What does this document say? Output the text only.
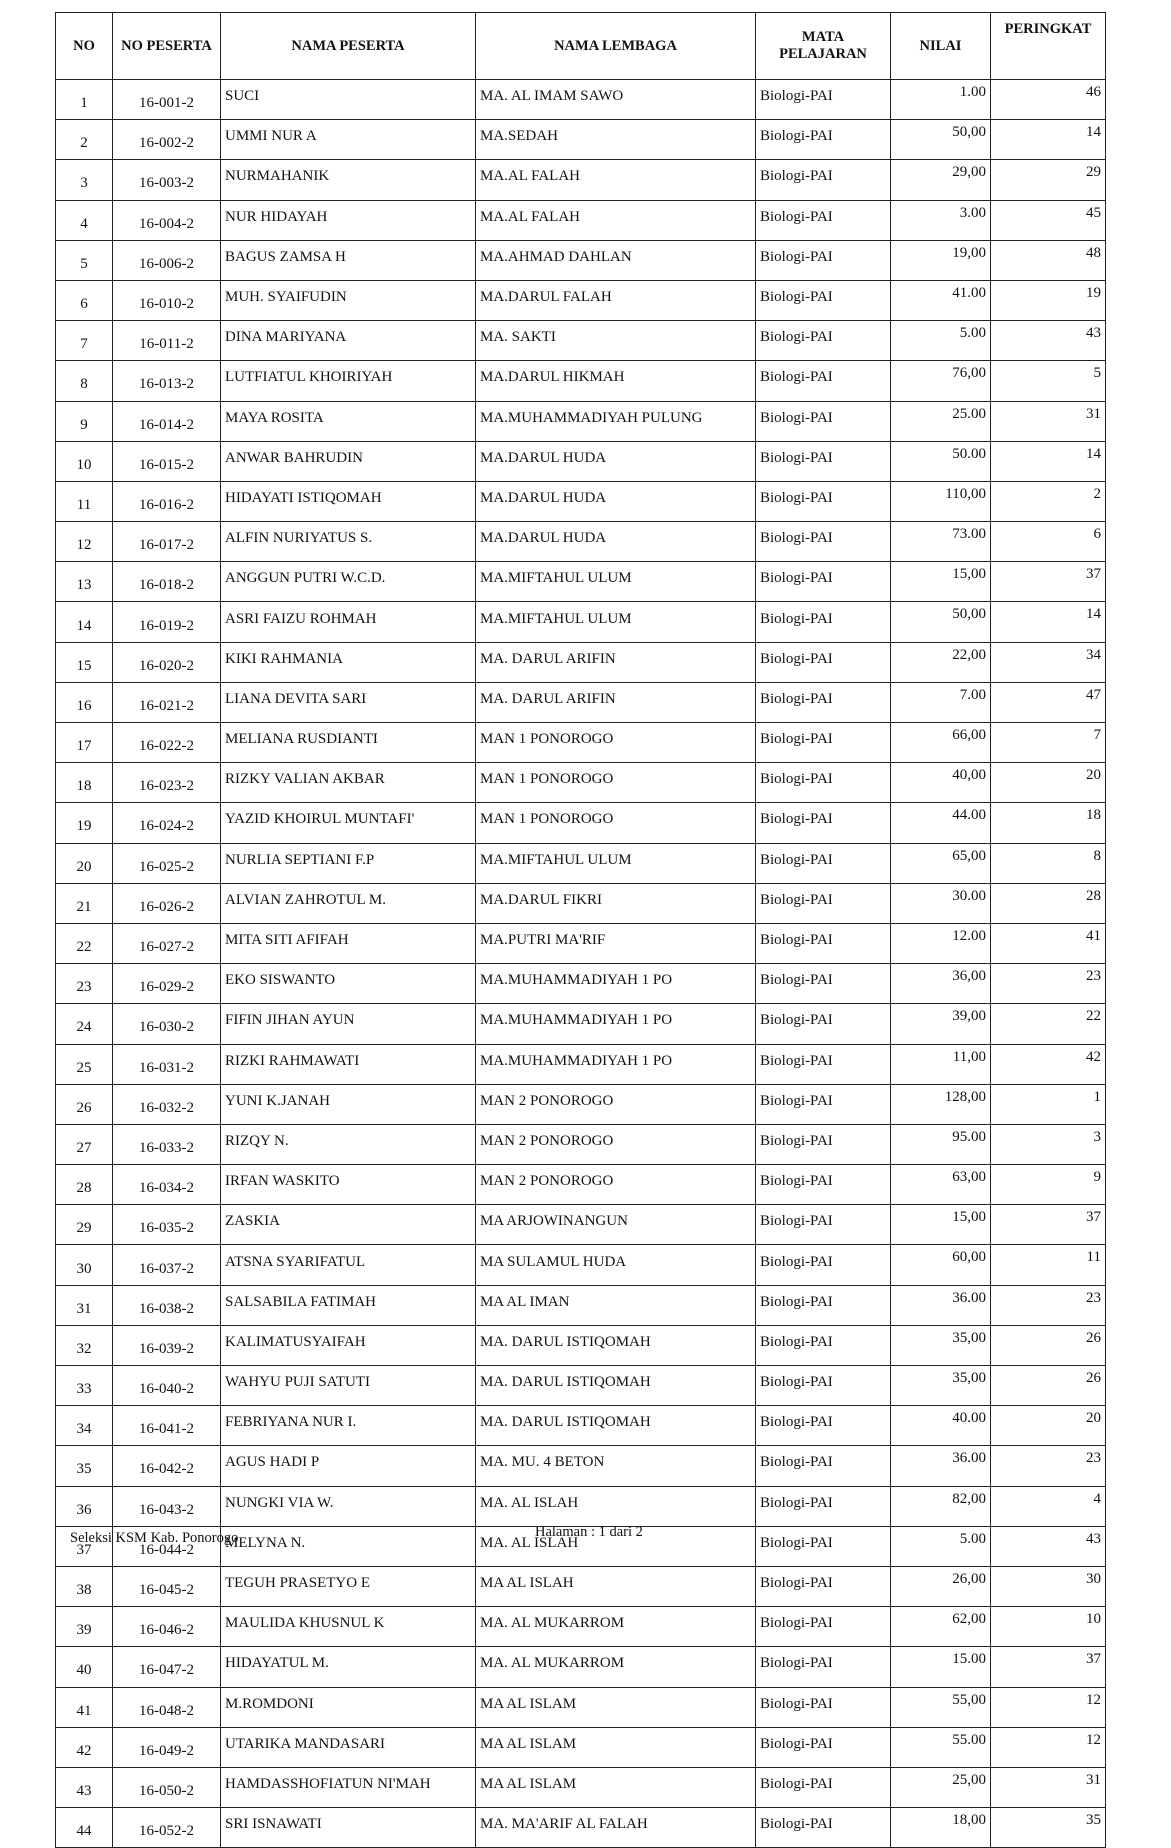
NO	NO PESERTA	NAMA PESERTA	NAMA LEMBAGA	MATA PELAJARAN	NILAI	PERINGKAT
1	16-001-2	SUCI	MA. AL IMAM SAWO	Biologi-PAI	1.00	46
2	16-002-2	UMMI NUR A	MA.SEDAH	Biologi-PAI	50,00	14
3	16-003-2	NURMAHANIK	MA.AL FALAH	Biologi-PAI	29,00	29
4	16-004-2	NUR HIDAYAH	MA.AL FALAH	Biologi-PAI	3.00	45
5	16-006-2	BAGUS ZAMSA H	MA.AHMAD DAHLAN	Biologi-PAI	19,00	48
6	16-010-2	MUH. SYAIFUDIN	MA.DARUL FALAH	Biologi-PAI	41.00	19
7	16-011-2	DINA MARIYANA	MA. SAKTI	Biologi-PAI	5.00	43
8	16-013-2	LUTFIATUL KHOIRIYAH	MA.DARUL HIKMAH	Biologi-PAI	76,00	5
9	16-014-2	MAYA ROSITA	MA.MUHAMMADIYAH PULUNG	Biologi-PAI	25.00	31
10	16-015-2	ANWAR BAHRUDIN	MA.DARUL HUDA	Biologi-PAI	50.00	14
11	16-016-2	HIDAYATI ISTIQOMAH	MA.DARUL HUDA	Biologi-PAI	110,00	2
12	16-017-2	ALFIN NURIYATUS S.	MA.DARUL HUDA	Biologi-PAI	73.00	6
13	16-018-2	ANGGUN PUTRI W.C.D.	MA.MIFTAHUL ULUM	Biologi-PAI	15,00	37
14	16-019-2	ASRI FAIZU ROHMAH	MA.MIFTAHUL ULUM	Biologi-PAI	50,00	14
15	16-020-2	KIKI RAHMANIA	MA. DARUL ARIFIN	Biologi-PAI	22,00	34
16	16-021-2	LIANA DEVITA SARI	MA. DARUL ARIFIN	Biologi-PAI	7.00	47
17	16-022-2	MELIANA RUSDIANTI	MAN 1 PONOROGO	Biologi-PAI	66,00	7
18	16-023-2	RIZKY VALIAN AKBAR	MAN 1 PONOROGO	Biologi-PAI	40,00	20
19	16-024-2	YAZID KHOIRUL MUNTAFI'	MAN 1 PONOROGO	Biologi-PAI	44.00	18
20	16-025-2	NURLIA SEPTIANI F.P	MA.MIFTAHUL ULUM	Biologi-PAI	65,00	8
21	16-026-2	ALVIAN ZAHROTUL M.	MA.DARUL FIKRI	Biologi-PAI	30.00	28
22	16-027-2	MITA SITI AFIFAH	MA.PUTRI MA'RIF	Biologi-PAI	12.00	41
23	16-029-2	EKO SISWANTO	MA.MUHAMMADIYAH 1 PO	Biologi-PAI	36,00	23
24	16-030-2	FIFIN JIHAN AYUN	MA.MUHAMMADIYAH 1 PO	Biologi-PAI	39,00	22
25	16-031-2	RIZKI RAHMAWATI	MA.MUHAMMADIYAH 1 PO	Biologi-PAI	11,00	42
26	16-032-2	YUNI K.JANAH	MAN 2 PONOROGO	Biologi-PAI	128,00	1
27	16-033-2	RIZQY N.	MAN 2 PONOROGO	Biologi-PAI	95.00	3
28	16-034-2	IRFAN WASKITO	MAN 2 PONOROGO	Biologi-PAI	63,00	9
29	16-035-2	ZASKIA	MA ARJOWINANGUN	Biologi-PAI	15,00	37
30	16-037-2	ATSNA SYARIFATUL	MA SULAMUL HUDA	Biologi-PAI	60,00	11
31	16-038-2	SALSABILA FATIMAH	MA AL IMAN	Biologi-PAI	36.00	23
32	16-039-2	KALIMATUSYAIFAH	MA. DARUL ISTIQOMAH	Biologi-PAI	35,00	26
33	16-040-2	WAHYU PUJI SATUTI	MA. DARUL ISTIQOMAH	Biologi-PAI	35,00	26
34	16-041-2	FEBRIYANA NUR I.	MA. DARUL ISTIQOMAH	Biologi-PAI	40.00	20
35	16-042-2	AGUS HADI P	MA. MU. 4 BETON	Biologi-PAI	36.00	23
36	16-043-2	NUNGKI VIA W.	MA. AL ISLAH	Biologi-PAI	82,00	4
37	16-044-2	MELYNA N.	MA. AL ISLAH	Biologi-PAI	5.00	43
38	16-045-2	TEGUH PRASETYO E	MA AL ISLAH	Biologi-PAI	26,00	30
39	16-046-2	MAULIDA KHUSNUL K	MA. AL MUKARROM	Biologi-PAI	62,00	10
40	16-047-2	HIDAYATUL M.	MA. AL MUKARROM	Biologi-PAI	15.00	37
41	16-048-2	M.ROMDONI	MA AL ISLAM	Biologi-PAI	55,00	12
42	16-049-2	UTARIKA MANDASARI	MA AL ISLAM	Biologi-PAI	55.00	12
43	16-050-2	HAMDASSHOFIATUN NI'MAH	MA AL ISLAM	Biologi-PAI	25,00	31
44	16-052-2	SRI ISNAWATI	MA. MA'ARIF AL FALAH	Biologi-PAI	18,00	35
Seleksi KSM Kab. Ponorogo	Halaman : 1 dari 2
